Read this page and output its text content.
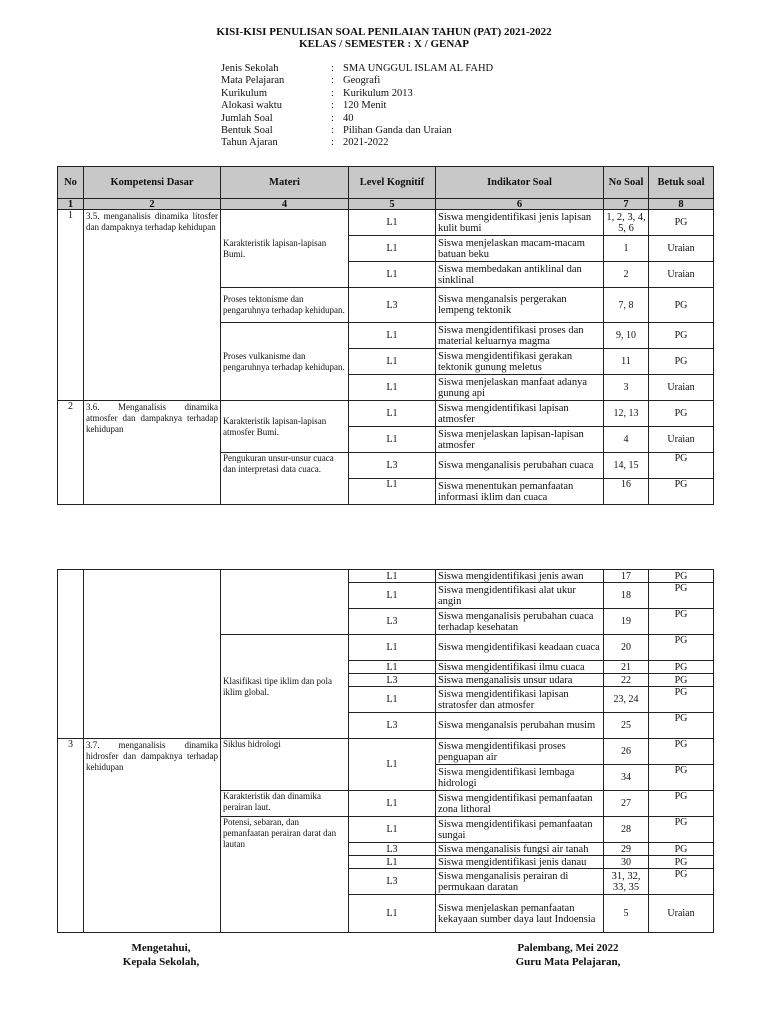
KISI-KISI PENULISAN SOAL PENILAIAN TAHUN (PAT) 2021-2022
KELAS / SEMESTER : X / GENAP
Jenis Sekolah	: SMA UNGGUL ISLAM AL FAHD
Mata Pelajaran	: Geografi
Kurikulum	: Kurikulum 2013
Alokasi waktu	: 120 Menit
Jumlah Soal	: 40
Bentuk Soal	: Pilihan Ganda dan Uraian
Tahun Ajaran	: 2021-2022
No	Kompetensi Dasar	Materi	Level Kognitif	Indikator Soal	No Soal	Betuk soal
1	2	4	5	6	7	8
1	3.5. menganalisis dinamika litosfer dan dampaknya terhadap kehidupan	Karakteristik lapisan-lapisan Bumi.	L1	Siswa mengidentifikasi jenis lapisan kulit bumi	1, 2, 3, 4, 5, 6	PG
			L1	Siswa menjelaskan macam-macam batuan beku	1	Uraian
			L1	Siswa membedakan antiklinal dan sinklinal	2	Uraian
		Proses tektonisme dan pengaruhnya terhadap kehidupan.	L3	Siswa menganalsis pergerakan lempeng tektonik	7, 8	PG
		Proses vulkanisme dan pengaruhnya terhadap kehidupan.	L1	Siswa mengidentifikasi proses dan material keluarnya magma	9, 10	PG
			L1	Siswa mengidentifikasi gerakan tektonik gunung meletus	11	PG
			L1	Siswa menjelaskan manfaat adanya gunung api	3	Uraian
2	3.6. Menganalisis dinamika atmosfer dan dampaknya terhadap kehidupan	Karakteristik lapisan-lapisan atmosfer Bumi.	L1	Siswa mengidentifikasi lapisan atmosfer	12, 13	PG
			L1	Siswa menjelaskan lapisan-lapisan atmosfer	4	Uraian
		Pengukuran unsur-unsur cuaca dan interpretasi data cuaca.	L3	Siswa menganalisis perubahan cuaca	14, 15	PG
			L1	Siswa menentukan pemanfaatan informasi iklim dan cuaca	16	PG
			L1	Siswa mengidentifikasi jenis awan	17	PG
			L1	Siswa mengidentifikasi alat ukur angin	18	PG
			L3	Siswa menganalisis perubahan cuaca terhadap kesehatan	19	PG
		Klasifikasi tipe iklim dan pola iklim global.	L1	Siswa mengidentifikasi keadaan cuaca	20	PG
			L1	Siswa mengidentifikasi ilmu cuaca	21	PG
			L3	Siswa menganalisis unsur udara	22	PG
			L1	Siswa mengidentifikasi lapisan stratosfer dan atmosfer	23, 24	PG
			L3	Siswa menganalsis perubahan musim	25	PG
3	3.7. menganalisis dinamika hidrosfer dan dampaknya terhadap kehidupan	Siklus hidrologi	L1	Siswa mengidentifikasi proses penguapan air	26	PG
				Siswa mengidentifikasi lembaga hidrologi	34	PG
		Karakteristik dan dinamika perairan laut.	L1	Siswa mengidentifikasi pemanfaatan zona lithoral	27	PG
		Potensi, sebaran, dan pemanfaatan perairan darat dan lautan	L1	Siswa mengidentifikasi pemanfaatan sungai	28	PG
			L3	Siswa menganalisis fungsi air tanah	29	PG
			L1	Siswa mengidentifikasi jenis danau	30	PG
			L3	Siswa menganalisis perairan di permukaan daratan	31, 32, 33, 35	PG
			L1	Siswa menjelaskan pemanfaatan kekayaan sumber daya laut Indoensia	5	Uraian
Mengetahui,
Kepala Sekolah,
Palembang, Mei 2022
Guru Mata Pelajaran,
